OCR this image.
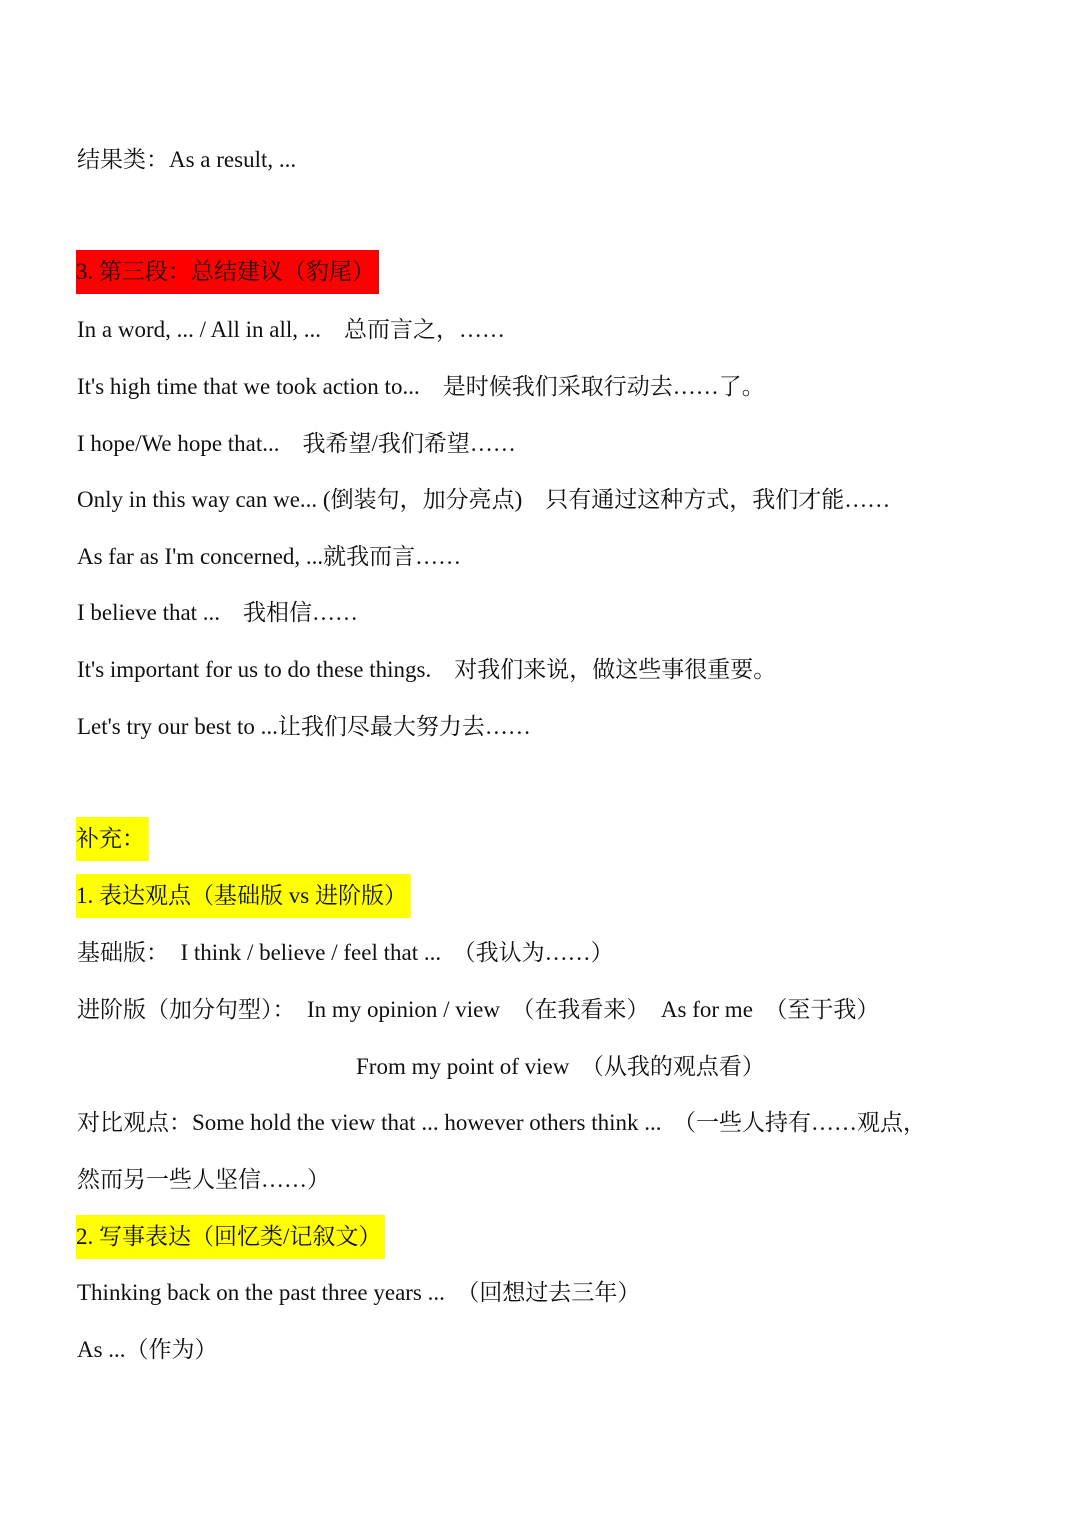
结果类：As a result, ...
3. 第三段：总结建议（豹尾）
In a word, ... / All in all, ...　总而言之，……
It's high time that we took action to...　是时候我们采取行动去……了。
I hope/We hope that...　我希望/我们希望……
Only in this way can we... (倒装句，加分亮点)　只有通过这种方式，我们才能……
As far as I'm concerned, ...就我而言……
I believe that ...　我相信……
It's important for us to do these things.　对我们来说，做这些事很重要。
Let's try our best to ...让我们尽最大努力去……
补充：
1. 表达观点（基础版 vs 进阶版）
基础版：　I think / believe / feel that ...　（我认为……）
进阶版（加分句型）：　In my opinion / view　（在我看来）　As for me　（至于我）
From my point of view　（从我的观点看）
对比观点：Some hold the view that ... however others think ...　（一些人持有……观点，
然而另一些人坚信……）
2. 写事表达（回忆类/记叙文）
Thinking back on the past three years ...　（回想过去三年）
As ...（作为）
